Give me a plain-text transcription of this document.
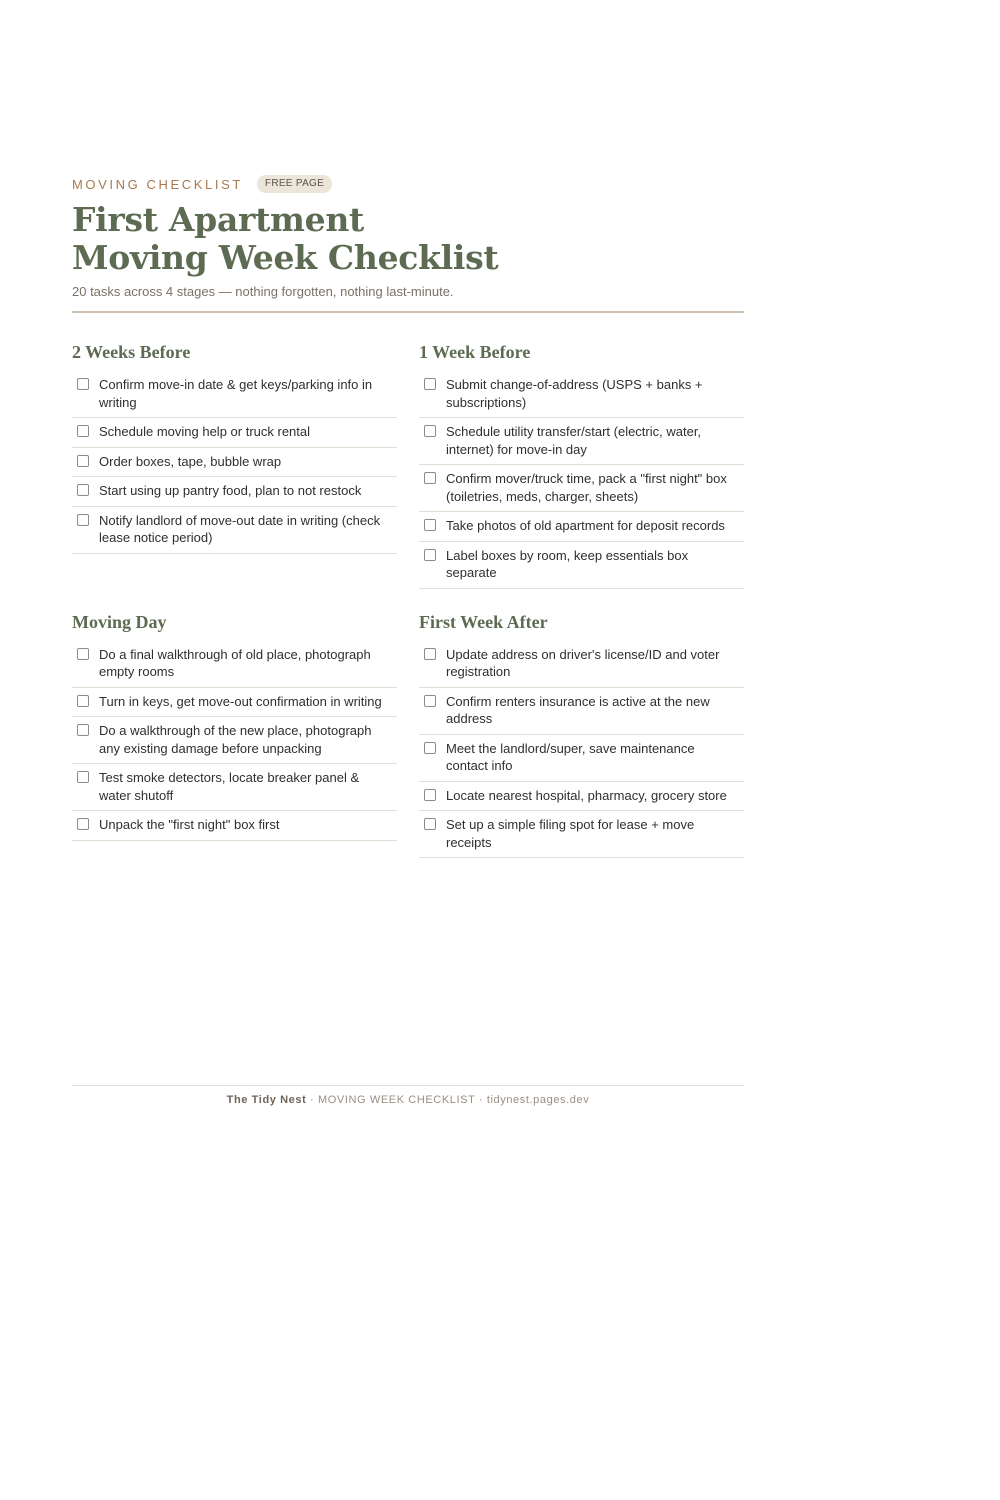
MOVING CHECKLIST	FREE PAGE
First Apartment
Moving Week Checklist
20 tasks across 4 stages — nothing forgotten, nothing last-minute.
2 Weeks Before
Confirm move-in date & get keys/parking info in writing
Schedule moving help or truck rental
Order boxes, tape, bubble wrap
Start using up pantry food, plan to not restock
Notify landlord of move-out date in writing (check lease notice period)
1 Week Before
Submit change-of-address (USPS + banks + subscriptions)
Schedule utility transfer/start (electric, water, internet) for move-in day
Confirm mover/truck time, pack a "first night" box (toiletries, meds, charger, sheets)
Take photos of old apartment for deposit records
Label boxes by room, keep essentials box separate
Moving Day
Do a final walkthrough of old place, photograph empty rooms
Turn in keys, get move-out confirmation in writing
Do a walkthrough of the new place, photograph any existing damage before unpacking
Test smoke detectors, locate breaker panel & water shutoff
Unpack the "first night" box first
First Week After
Update address on driver's license/ID and voter registration
Confirm renters insurance is active at the new address
Meet the landlord/super, save maintenance contact info
Locate nearest hospital, pharmacy, grocery store
Set up a simple filing spot for lease + move receipts
The Tidy Nest · MOVING WEEK CHECKLIST · tidynest.pages.dev
